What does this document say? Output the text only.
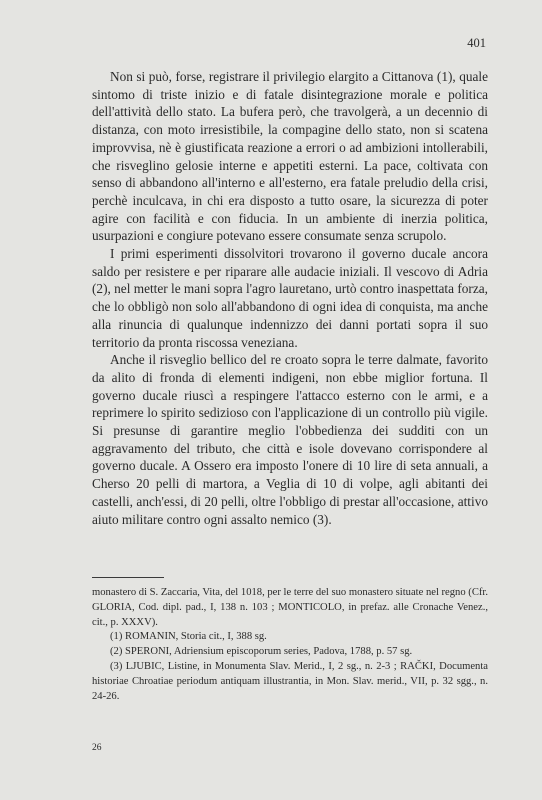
401

Non si può, forse, registrare il privilegio elargito a Cittanova (1), quale sintomo di triste inizio e di fatale disintegrazione morale e politica dell'attività dello stato. La bufera però, che travolgerà, a un decennio di distanza, con moto irresistibile, la compagine dello stato, non si scatena improvvisa, nè è giustificata reazione a errori o ad ambizioni intollerabili, che risveglino gelosie interne e appetiti esterni. La pace, coltivata con senso di abbandono all'interno e all'esterno, era fatale preludio della crisi, perchè inculcava, in chi era disposto a tutto osare, la sicurezza di poter agire con facilità e con fiducia. In un ambiente di inerzia politica, usurpazioni e congiure potevano essere consumate senza scrupolo.

I primi esperimenti dissolvitori trovarono il governo ducale ancora saldo per resistere e per riparare alle audacie iniziali. Il vescovo di Adria (2), nel metter le mani sopra l'agro lauretano, urtò contro inaspettata forza, che lo obbligò non solo all'abbandono di ogni idea di conquista, ma anche alla rinuncia di qualunque indennizzo dei danni portati sopra il suo territorio da pronta riscossa veneziana.

Anche il risveglio bellico del re croato sopra le terre dalmate, favorito da alito di fronda di elementi indigeni, non ebbe miglior fortuna. Il governo ducale riuscì a respingere l'attacco esterno con le armi, e a reprimere lo spirito sedizioso con l'applicazione di un controllo più vigile. Si presunse di garantire meglio l'obbedienza dei sudditi con un aggravamento del tributo, che città e isole dovevano corrispondere al governo ducale. A Ossero era imposto l'onere di 10 lire di seta annuali, a Cherso 20 pelli di martora, a Veglia di 10 di volpe, agli abitanti dei castelli, anch'essi, di 20 pelli, oltre l'obbligo di prestar all'occasione, attivo aiuto militare contro ogni assalto nemico (3).

monastero di S. Zaccaria, Vita, del 1018, per le terre del suo monastero situate nel regno (Cfr. GLORIA, Cod. dipl. pad., I, 138 n. 103 ; MONTICOLO, in prefaz. alle Cronache Venez., cit., p. XXXV).

(1) ROMANIN, Storia cit., I, 388 sg.

(2) SPERONI, Adriensium episcoporum series, Padova, 1788, p. 57 sg.

(3) LJUBIC, Listine, in Monumenta Slav. Merid., I, 2 sg., n. 2-3 ; RAČKI, Documenta historiae Chroatiae periodum antiquam illustrantia, in Mon. Slav. merid., VII, p. 32 sgg., n. 24-26.

26
